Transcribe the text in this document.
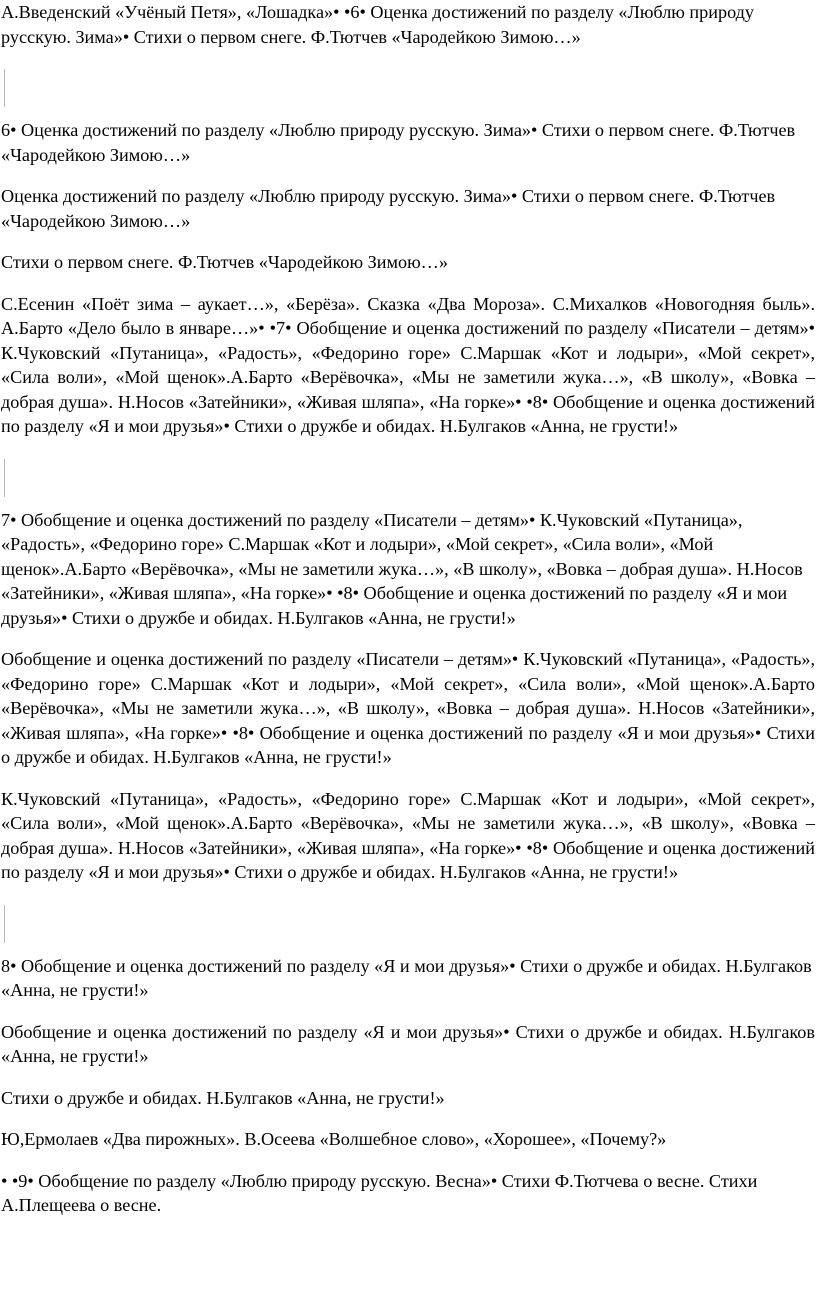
А.Введенский «Учёный Петя», «Лошадка»• •6• Оценка достижений по разделу «Люблю природу русскую. Зима»• Стихи о первом снеге. Ф.Тютчев «Чародейкою Зимою…»

6• Оценка достижений по разделу «Люблю природу русскую. Зима»• Стихи о первом снеге. Ф.Тютчев «Чародейкою Зимою…»

Оценка достижений по разделу «Люблю природу русскую. Зима»• Стихи о первом снеге. Ф.Тютчев «Чародейкою Зимою…»

Стихи о первом снеге. Ф.Тютчев «Чародейкою Зимою…»

С.Есенин «Поёт зима – аукает…», «Берёза». Сказка «Два Мороза». С.Михалков «Новогодняя быль». А.Барто «Дело было в январе…»• •7• Обобщение и оценка достижений по разделу «Писатели – детям»• К.Чуковский «Путаница», «Радость», «Федорино горе» С.Маршак «Кот и лодыри», «Мой секрет», «Сила воли», «Мой щенок».А.Барто «Верёвочка», «Мы не заметили жука…», «В школу», «Вовка – добрая душа». Н.Носов «Затейники», «Живая шляпа», «На горке»• •8• Обобщение и оценка достижений по разделу «Я и мои друзья»• Стихи о дружбе и обидах. Н.Булгаков «Анна, не грусти!»

7• Обобщение и оценка достижений по разделу «Писатели – детям»• К.Чуковский «Путаница», «Радость», «Федорино горе» С.Маршак «Кот и лодыри», «Мой секрет», «Сила воли», «Мой щенок».А.Барто «Верёвочка», «Мы не заметили жука…», «В школу», «Вовка – добрая душа». Н.Носов «Затейники», «Живая шляпа», «На горке»• •8• Обобщение и оценка достижений по разделу «Я и мои друзья»• Стихи о дружбе и обидах. Н.Булгаков «Анна, не грусти!»

Обобщение и оценка достижений по разделу «Писатели – детям»• К.Чуковский «Путаница», «Радость», «Федорино горе» С.Маршак «Кот и лодыри», «Мой секрет», «Сила воли», «Мой щенок».А.Барто «Верёвочка», «Мы не заметили жука…», «В школу», «Вовка – добрая душа». Н.Носов «Затейники», «Живая шляпа», «На горке»• •8• Обобщение и оценка достижений по разделу «Я и мои друзья»• Стихи о дружбе и обидах. Н.Булгаков «Анна, не грусти!»

К.Чуковский «Путаница», «Радость», «Федорино горе» С.Маршак «Кот и лодыри», «Мой секрет», «Сила воли», «Мой щенок».А.Барто «Верёвочка», «Мы не заметили жука…», «В школу», «Вовка – добрая душа». Н.Носов «Затейники», «Живая шляпа», «На горке»• •8• Обобщение и оценка достижений по разделу «Я и мои друзья»• Стихи о дружбе и обидах. Н.Булгаков «Анна, не грусти!»

8• Обобщение и оценка достижений по разделу «Я и мои друзья»• Стихи о дружбе и обидах. Н.Булгаков «Анна, не грусти!»

Обобщение и оценка достижений по разделу «Я и мои друзья»• Стихи о дружбе и обидах. Н.Булгаков «Анна, не грусти!»

Стихи о дружбе и обидах. Н.Булгаков «Анна, не грусти!»

Ю,Ермолаев «Два пирожных». В.Осеева «Волшебное слово», «Хорошее», «Почему?»

• •9• Обобщение по разделу «Люблю природу русскую. Весна»• Стихи Ф.Тютчева о весне. Стихи А.Плещеева о весне.
